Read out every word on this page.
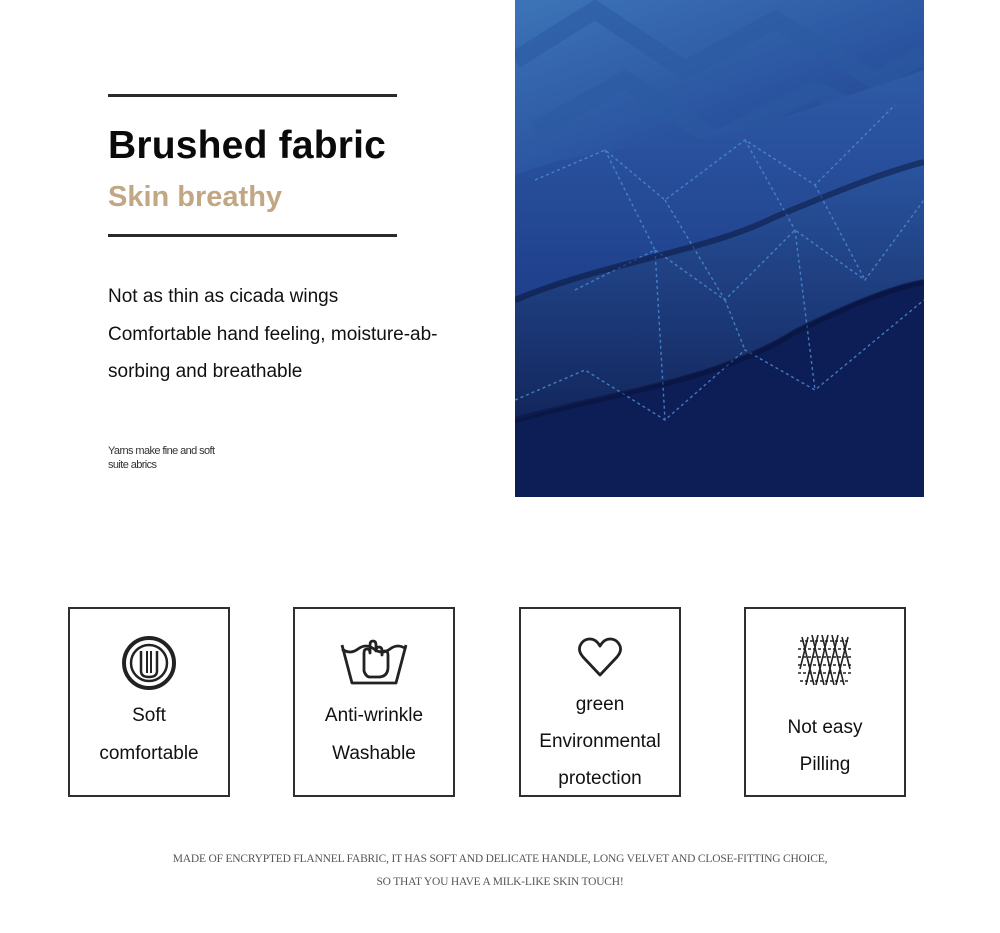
Brushed fabric
Skin breathy
Not as thin as cicada wings
Comfortable hand feeling, moisture-ab-
sorbing and breathable
Yarns make fine and soft
suite abrics
Soft
comfortable
Anti-wrinkle
Washable
green
Environmental
protection
Not easy
Pilling
MADE OF ENCRYPTED FLANNEL FABRIC, IT HAS SOFT AND DELICATE HANDLE, LONG VELVET AND CLOSE-FITTING CHOICE,
SO THAT YOU HAVE A MILK-LIKE SKIN TOUCH!
